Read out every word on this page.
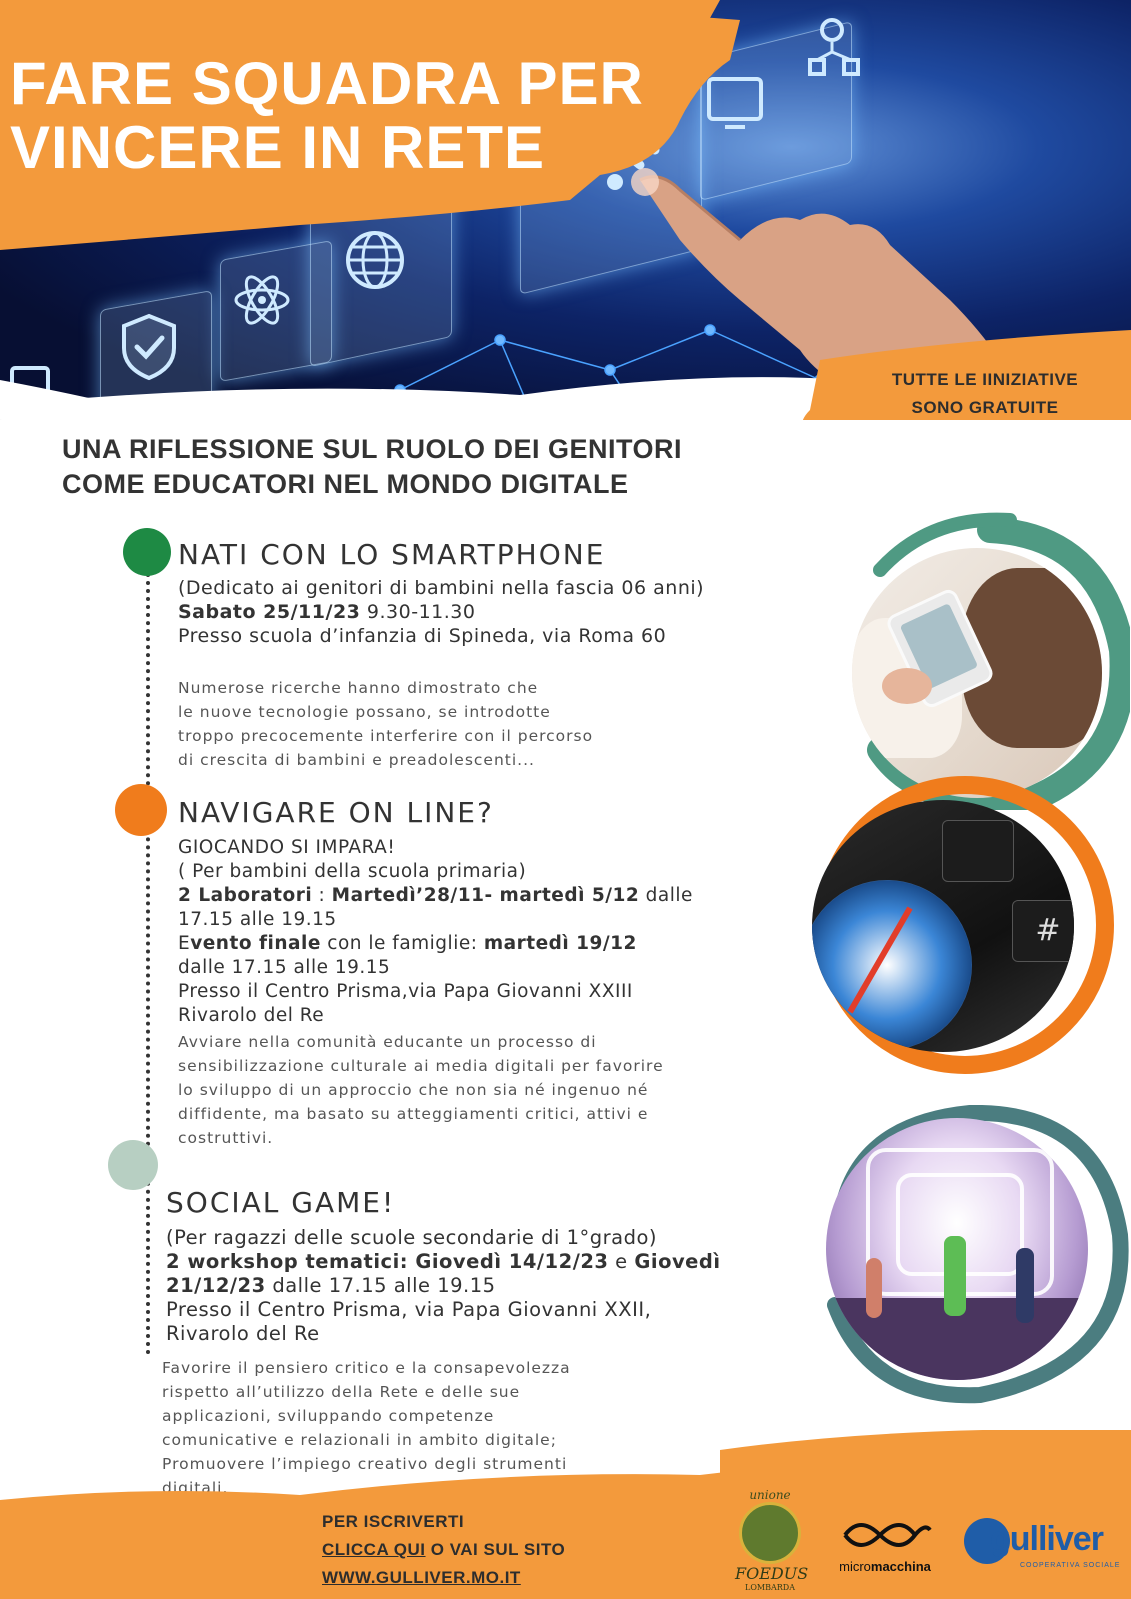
FARE SQUADRA PER
VINCERE IN RETE
TUTTE LE IINIZIATIVE
SONO GRATUITE
UNA RIFLESSIONE SUL RUOLO DEI GENITORI
COME EDUCATORI NEL MONDO DIGITALE
NATI CON LO SMARTPHONE
(Dedicato ai genitori di bambini nella fascia 06 anni)
Sabato 25/11/23 9.30-11.30
Presso scuola d’infanzia di Spineda, via Roma 60
Numerose ricerche hanno dimostrato che
le nuove tecnologie possano, se introdotte
troppo precocemente interferire con il percorso
di crescita di bambini e preadolescenti...
NAVIGARE ON LINE?
GIOCANDO SI IMPARA!
( Per bambini della scuola primaria)
2 Laboratori : Martedì’28/11- martedì 5/12 dalle
17.15 alle 19.15
Evento finale con le famiglie: martedì 19/12
dalle 17.15 alle 19.15
Presso il Centro Prisma,via Papa Giovanni XXIII
Rivarolo del Re
Avviare nella comunità educante un processo di
sensibilizzazione culturale ai media digitali per favorire
lo sviluppo di un approccio che non sia né ingenuo né
diffidente, ma basato su atteggiamenti critici, attivi e
costruttivi.
SOCIAL GAME!
(Per ragazzi delle scuole secondarie di 1°grado)
2 workshop tematici: Giovedì 14/12/23 e Giovedì
21/12/23 dalle 17.15 alle 19.15
Presso il Centro Prisma, via Papa Giovanni XXII,
Rivarolo del Re
Favorire il pensiero critico e la consapevolezza
rispetto all’utilizzo della Rete e delle sue
applicazioni, sviluppando competenze
comunicative e relazionali in ambito digitale;
Promuovere l’impiego creativo degli strumenti
digitali.
#
PER ISCRIVERTI
CLICCA QUI O VAI SUL SITO
WWW.GULLIVER.MO.IT
unione
FOEDUS
LOMBARDA
micromacchina
gulliver
COOPERATIVA SOCIALE
